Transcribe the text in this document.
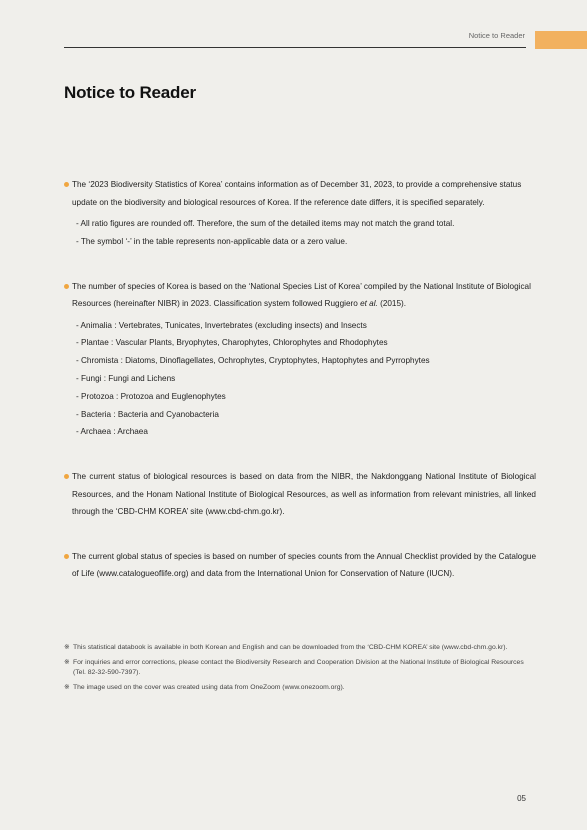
Notice to Reader
Notice to Reader

The ‘2023 Biodiversity Statistics of Korea’ contains information as of December 31, 2023, to provide a comprehensive status update on the biodiversity and biological resources of Korea. If the reference date differs, it is specified separately.

- All ratio figures are rounded off. Therefore, the sum of the detailed items may not match the grand total.
- The symbol ‘-’ in the table represents non-applicable data or a zero value.

The number of species of Korea is based on the ‘National Species List of Korea’ compiled by the National Institute of Biological Resources (hereinafter NIBR) in 2023. Classification system followed Ruggiero et al. (2015).

- Animalia : Vertebrates, Tunicates, Invertebrates (excluding insects) and Insects
- Plantae : Vascular Plants, Bryophytes, Charophytes, Chlorophytes and Rhodophytes
- Chromista : Diatoms, Dinoflagellates, Ochrophytes, Cryptophytes, Haptophytes and Pyrrophytes
- Fungi : Fungi and Lichens
- Protozoa : Protozoa and Euglenophytes
- Bacteria : Bacteria and Cyanobacteria
- Archaea : Archaea

The current status of biological resources is based on data from the NIBR, the Nakdonggang National Institute of Biological Resources, and the Honam National Institute of Biological Resources, as well as information from relevant ministries, all linked through the ‘CBD-CHM KOREA’ site (www.cbd-chm.go.kr).

The current global status of species is based on number of species counts from the Annual Checklist provided by the Catalogue of Life (www.catalogueoflife.org) and data from the International Union for Conservation of Nature (IUCN).

※ This statistical databook is available in both Korean and English and can be downloaded from the ‘CBD-CHM KOREA’ site (www.cbd-chm.go.kr).

※ For inquiries and error corrections, please contact the Biodiversity Research and Cooperation Division at the National Institute of Biological Resources (Tel. 82-32-590-7397).

※ The image used on the cover was created using data from OneZoom (www.onezoom.org).

05
